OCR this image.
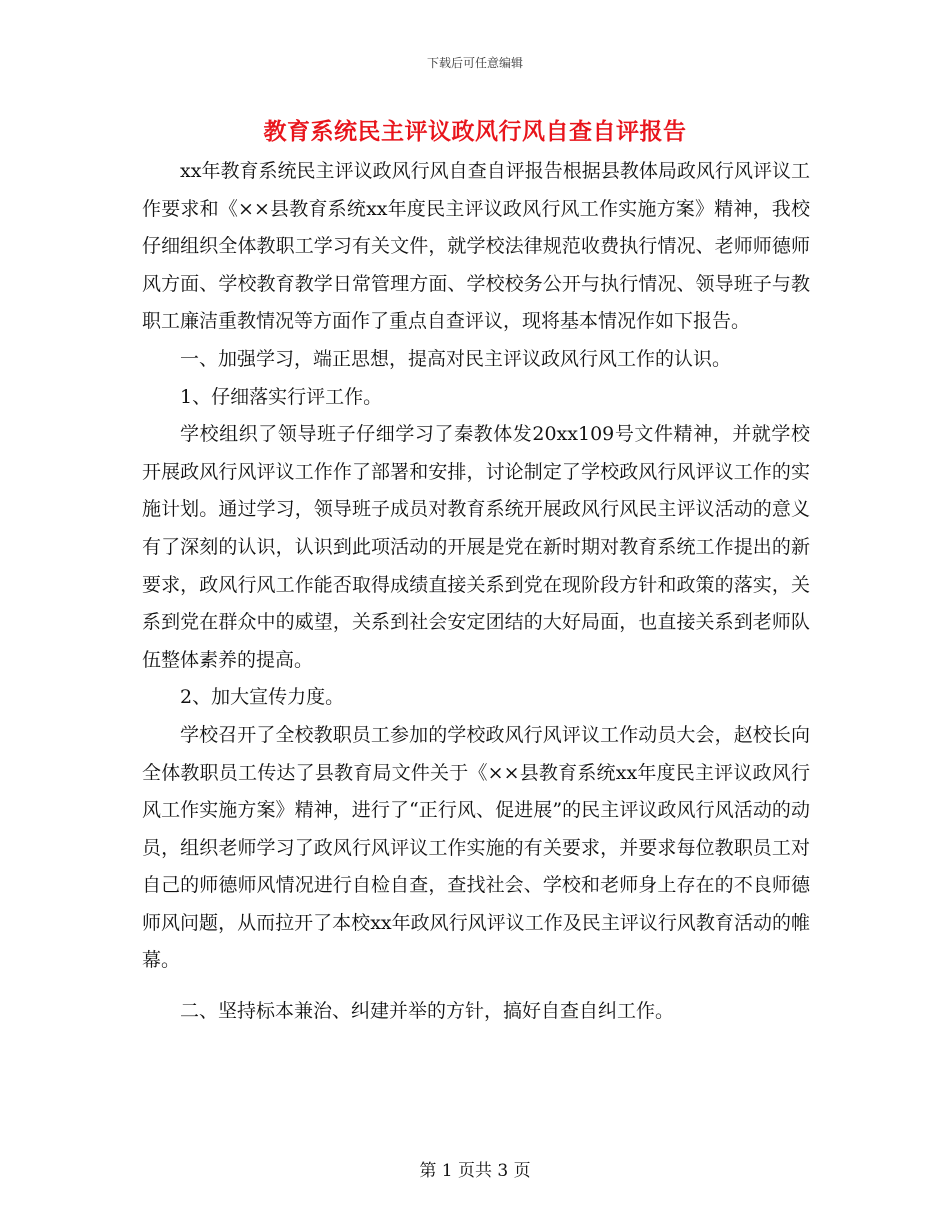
下载后可任意编辑
教育系统民主评议政风行风自查自评报告

xx年教育系统民主评议政风行风自查自评报告根据县教体局政风行风评议工作要求和《××县教育系统xx年度民主评议政风行风工作实施方案》精神，我校仔细组织全体教职工学习有关文件，就学校法律规范收费执行情况、老师师德师风方面、学校教育教学日常管理方面、学校校务公开与执行情况、领导班子与教职工廉洁重教情况等方面作了重点自查评议，现将基本情况作如下报告。

一、加强学习，端正思想，提高对民主评议政风行风工作的认识。

1、仔细落实行评工作。

学校组织了领导班子仔细学习了秦教体发20xx109号文件精神，并就学校开展政风行风评议工作作了部署和安排，讨论制定了学校政风行风评议工作的实施计划。通过学习，领导班子成员对教育系统开展政风行风民主评议活动的意义有了深刻的认识，认识到此项活动的开展是党在新时期对教育系统工作提出的新要求，政风行风工作能否取得成绩直接关系到党在现阶段方针和政策的落实，关系到党在群众中的威望，关系到社会安定团结的大好局面，也直接关系到老师队伍整体素养的提高。

2、加大宣传力度。

学校召开了全校教职员工参加的学校政风行风评议工作动员大会，赵校长向全体教职员工传达了县教育局文件关于《××县教育系统xx年度民主评议政风行风工作实施方案》精神，进行了“正行风、促进展”的民主评议政风行风活动的动员，组织老师学习了政风行风评议工作实施的有关要求，并要求每位教职员工对自己的师德师风情况进行自检自查，查找社会、学校和老师身上存在的不良师德师风问题，从而拉开了本校xx年政风行风评议工作及民主评议行风教育活动的帷幕。

二、坚持标本兼治、纠建并举的方针，搞好自查自纠工作。

第 1 页共 3 页
